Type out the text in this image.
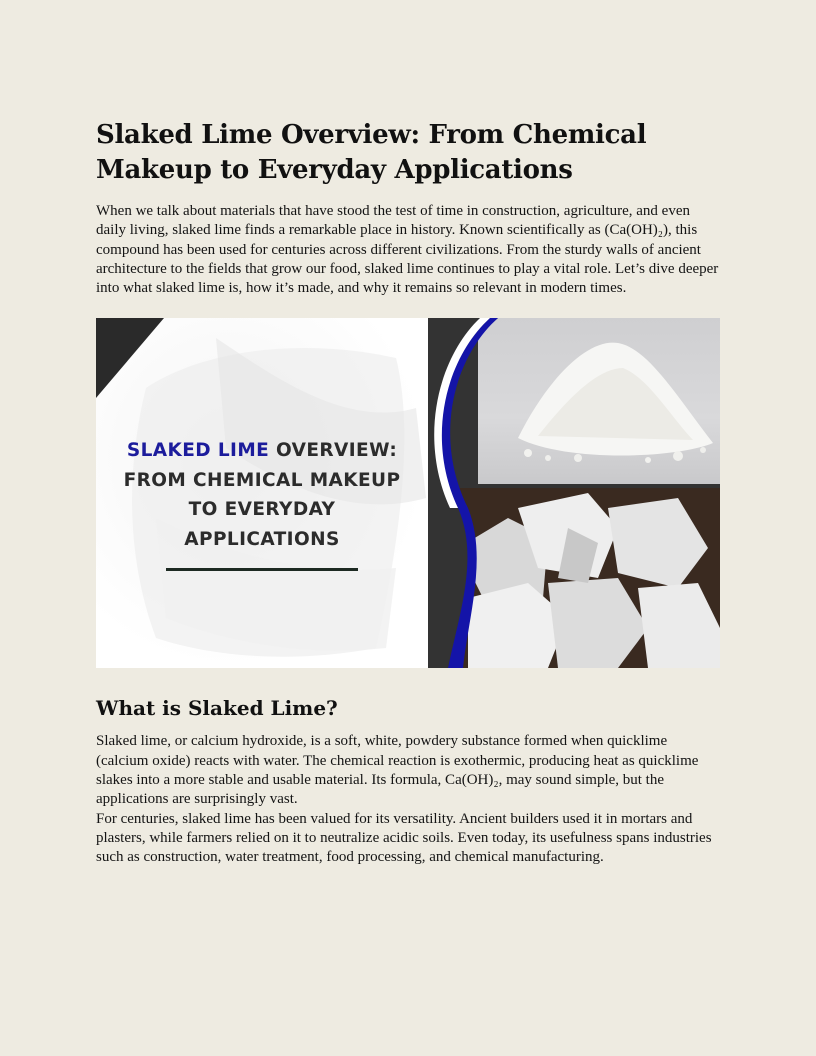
Slaked Lime Overview: From Chemical Makeup to Everyday Applications

When we talk about materials that have stood the test of time in construction, agriculture, and even daily living, slaked lime finds a remarkable place in history. Known scientifically as (Ca(OH)₂), this compound has been used for centuries across different civilizations. From the sturdy walls of ancient architecture to the fields that grow our food, slaked lime continues to play a vital role. Let’s dive deeper into what slaked lime is, how it’s made, and why it remains so relevant in modern times.

SLAKED LIME OVERVIEW:
FROM CHEMICAL MAKEUP
TO EVERYDAY
APPLICATIONS
What is Slaked Lime?

Slaked lime, or calcium hydroxide, is a soft, white, powdery substance formed when quicklime (calcium oxide) reacts with water. The chemical reaction is exothermic, producing heat as quicklime slakes into a more stable and usable material. Its formula, Ca(OH)₂, may sound simple, but the applications are surprisingly vast.

For centuries, slaked lime has been valued for its versatility. Ancient builders used it in mortars and plasters, while farmers relied on it to neutralize acidic soils. Even today, its usefulness spans industries such as construction, water treatment, food processing, and chemical manufacturing.
